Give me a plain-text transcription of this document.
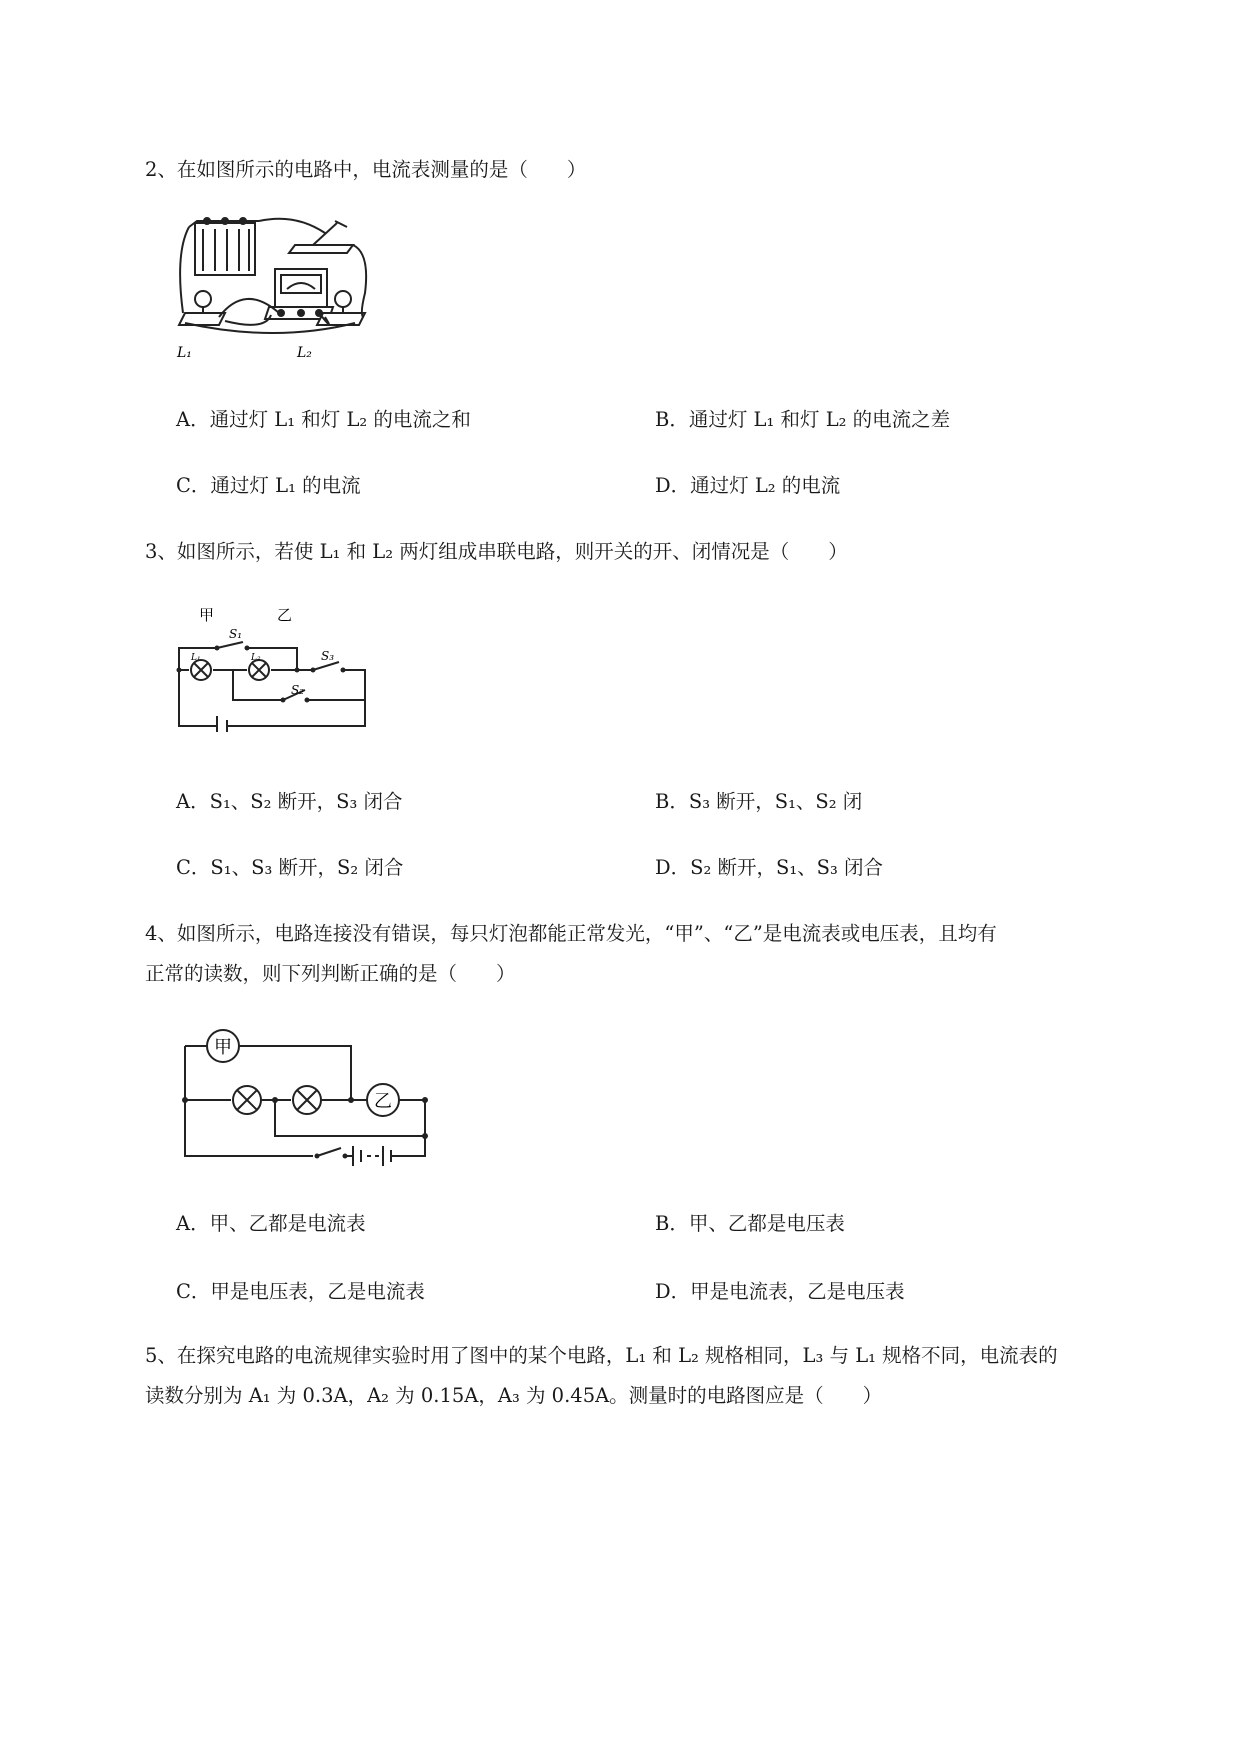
2、在如图所示的电路中，电流表测量的是（　　）
L₁	L₂
A．通过灯 L₁ 和灯 L₂ 的电流之和	B．通过灯 L₁ 和灯 L₂ 的电流之差
C．通过灯 L₁ 的电流	D．通过灯 L₂ 的电流
3、如图所示，若使 L₁ 和 L₂ 两灯组成串联电路，则开关的开、闭情况是（　　）
甲	乙
S₁
S₃
S₂
L₁	L₂
A．S₁、S₂ 断开，S₃ 闭合	B．S₃ 断开，S₁、S₂ 闭
C．S₁、S₃ 断开，S₂ 闭合	D．S₂ 断开，S₁、S₃ 闭合
4、如图所示，电路连接没有错误，每只灯泡都能正常发光，“甲”、“乙”是电流表或电压表，且均有
正常的读数，则下列判断正确的是（　　）
甲
乙
A．甲、乙都是电流表	B．甲、乙都是电压表
C．甲是电压表，乙是电流表	D．甲是电流表，乙是电压表
5、在探究电路的电流规律实验时用了图中的某个电路，L₁ 和 L₂ 规格相同，L₃ 与 L₁ 规格不同，电流表的
读数分别为 A₁ 为 0.3A，A₂ 为 0.15A，A₃ 为 0.45A。测量时的电路图应是（　　）
